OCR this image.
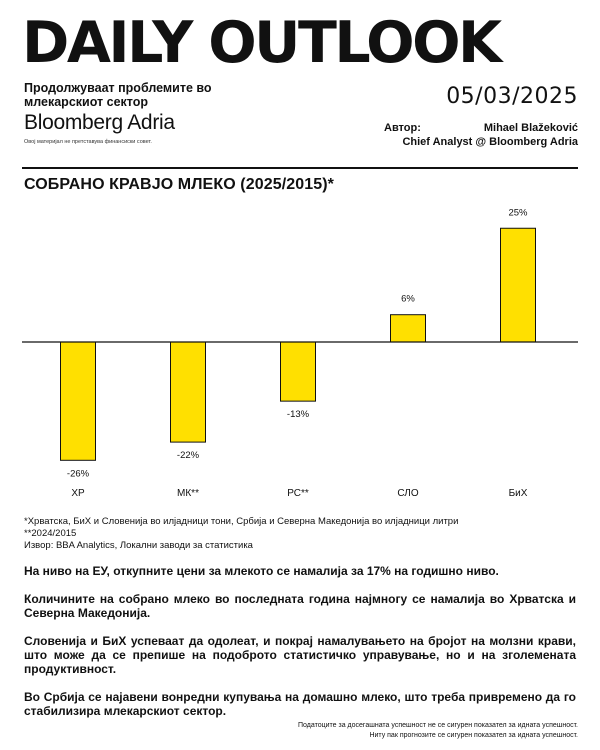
DAILY OUTLOOK
Продолжуваат проблемите во млекарскиот сектор	05/03/2025
Bloomberg Adria
Овој материјал не претставува финансиски совет.
Автор:	Mihael Blažeković
Chief Analyst @ Bloomberg Adria
СОБРАНО КРАВЈО МЛЕКО (2025/2015)*
-26%
ХР
-22%
МК**
-13%
РС**
6%
СЛО
25%
БиХ
*Хрватска, БиХ и Словенија во илјадници тони, Србија и Северна Македонија во илјадници литри
**2024/2015
Извор: BBA Analytics, Локални заводи за статистика

На ниво на ЕУ, откупните цени за млекото се намалија за 17% на годишно ниво.

Количините на собрано млеко во последната година најмногу се намалија во Хрватска и Северна Македонија.

Словенија и БиХ успеваат да одолеат, и покрај намалувањето на бројот на молзни крави, што може да се препише на подоброто статистичко управување, но и на зголемената продуктивност.

Во Србија се најавени вонредни купувања на домашно млеко, што треба привремено да го стабилизира млекарскиот сектор.

Податоците за досегашната успешност не се сигурен показател за идната успешност.
Ниту пак прогнозите се сигурен показател за идната успешност.
